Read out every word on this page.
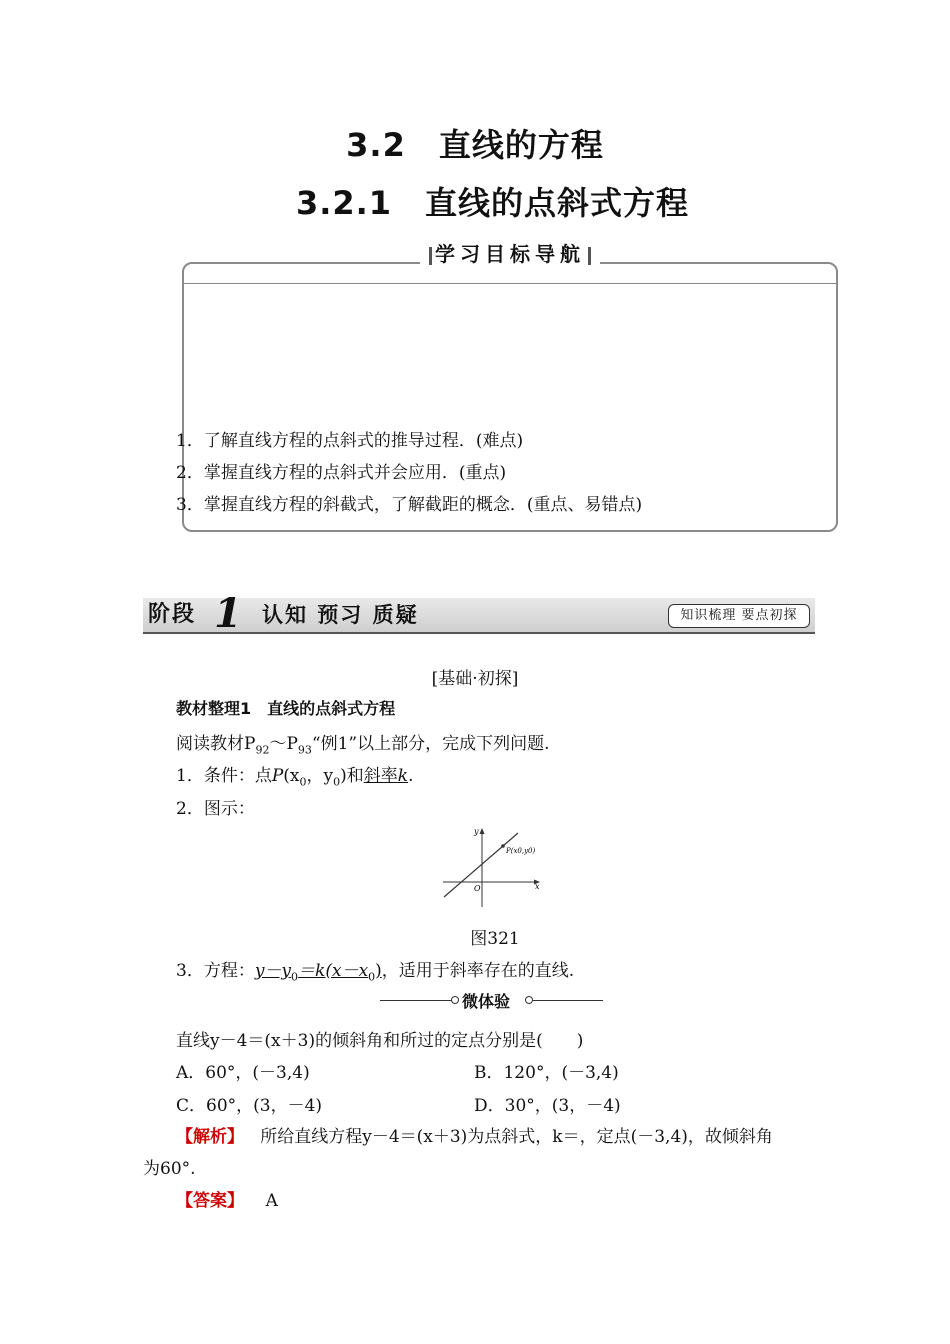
3.2　直线的方程
3.2.1　直线的点斜式方程
学习目标导航
1．了解直线方程的点斜式的推导过程．(难点)
2．掌握直线方程的点斜式并会应用．(重点)
3．掌握直线方程的斜截式，了解截距的概念．(重点、易错点)
阶段 1 认知 预习 质疑	知识梳理 要点初探
[基础·初探]
教材整理1　直线的点斜式方程
阅读教材$P_{92}\sim P_{93}“$例1”以上部分，完成下列问题.
1．条件：点$P(x_0$，$y_0$)和斜率k.
2．图示：
y
x
O
P(x0,y0)
图321
3．方程：$y-y_0=k(x-x_0)$，适用于斜率存在的直线.
微体验
直线y－4＝(x＋3)的倾斜角和所过的定点分别是(　　)
A．60°，(－3,4)	B．120°，(－3,4)
C．60°，(3，－4)	D．30°，(3，－4)
【解析】 所给直线方程y－4＝(x＋3)为点斜式，k＝，定点(－3,4)，故倾斜角
为60°.
【答案】 A
